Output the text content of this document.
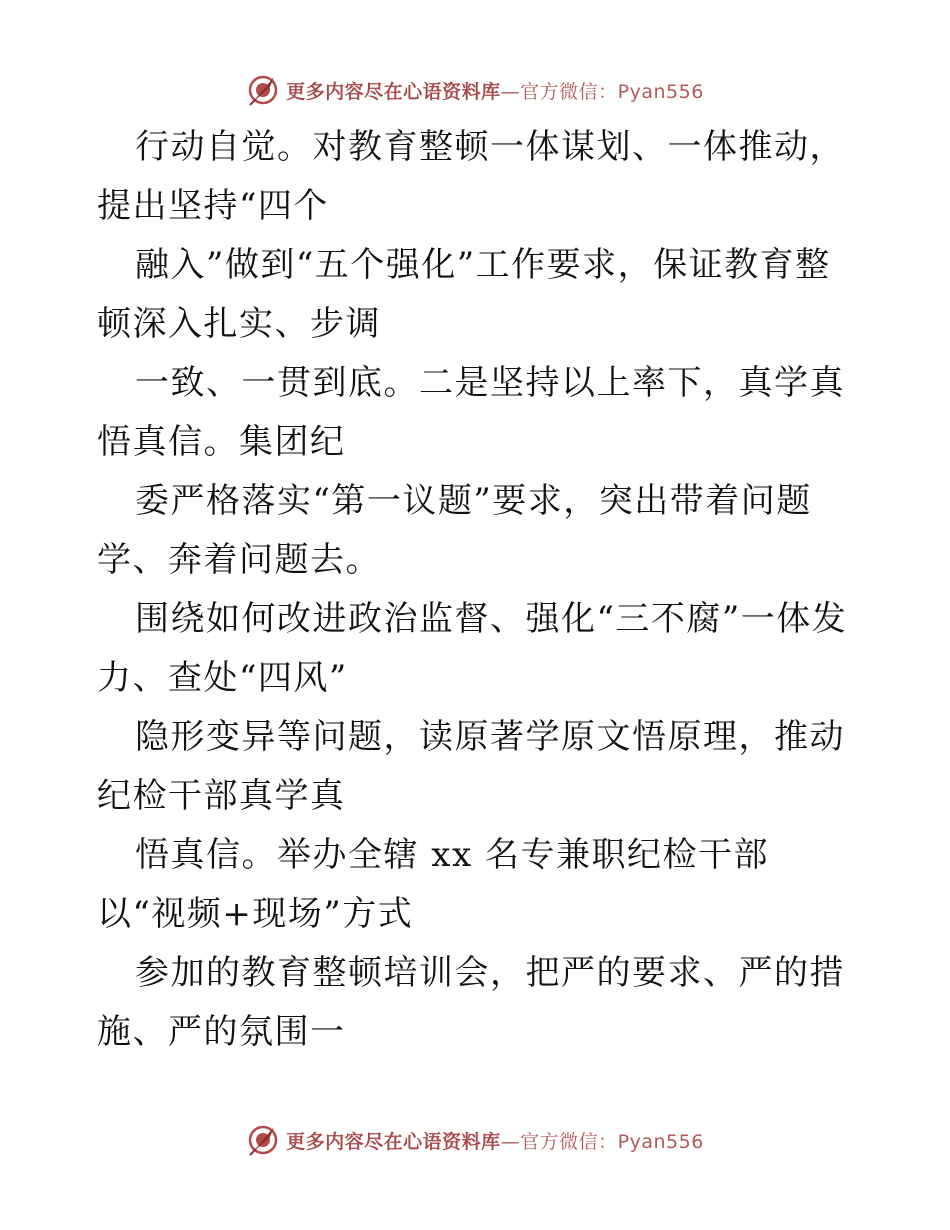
更多内容尽在心语资料库—官方微信：Pyan556

行动自觉。对教育整顿一体谋划、一体推动，提出坚持“四个

融入”做到“五个强化”工作要求，保证教育整顿深入扎实、步调

一致、一贯到底。二是坚持以上率下，真学真悟真信。集团纪

委严格落实“第一议题”要求，突出带着问题学、奔着问题去。

围绕如何改进政治监督、强化“三不腐”一体发力、查处“四风”

隐形变异等问题，读原著学原文悟原理，推动纪检干部真学真

悟真信。举办全辖 xx 名专兼职纪检干部以“视频+现场”方式

参加的教育整顿培训会，把严的要求、严的措施、严的氛围一

更多内容尽在心语资料库—官方微信：Pyan556
